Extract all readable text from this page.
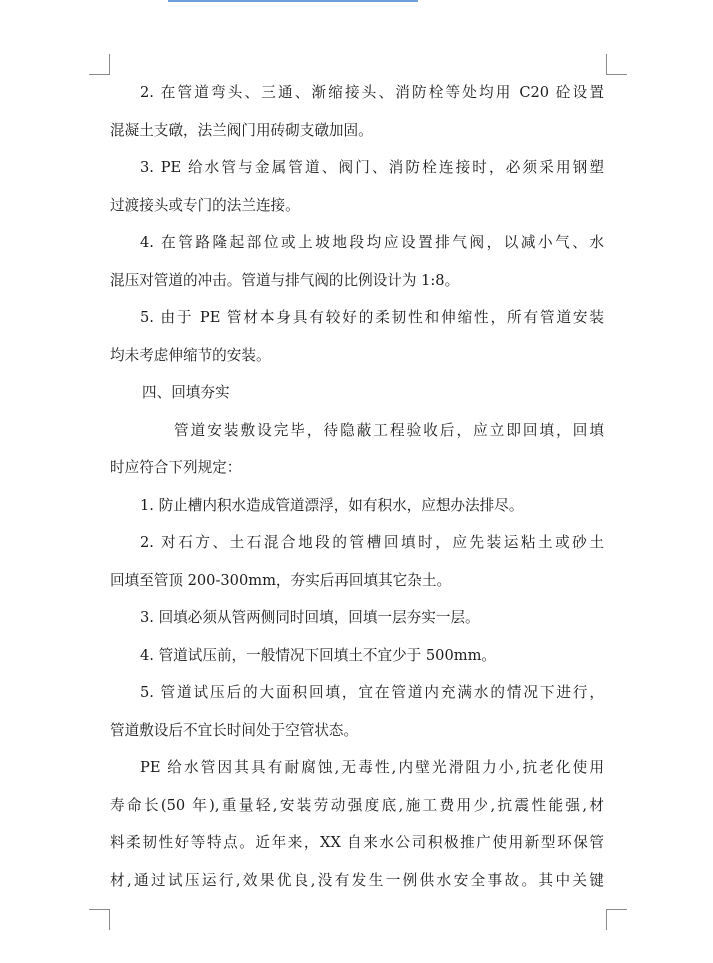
2. 在管道弯头、三通、渐缩接头、消防栓等处均用 C20 砼设置
混凝土支礅，法兰阀门用砖砌支礅加固。
3. PE 给水管与金属管道、阀门、消防栓连接时，必须采用钢塑
过渡接头或专门的法兰连接。
4. 在管路隆起部位或上坡地段均应设置排气阀，以减小气、水
混压对管道的冲击。管道与排气阀的比例设计为 1:8。
5. 由于 PE 管材本身具有较好的柔韧性和伸缩性，所有管道安装
均未考虑伸缩节的安装。
四、回填夯实
管道安装敷设完毕，待隐蔽工程验收后，应立即回填，回填
时应符合下列规定：
1. 防止槽内积水造成管道漂浮，如有积水，应想办法排尽。
2. 对石方、土石混合地段的管槽回填时，应先装运粘土或砂土
回填至管顶 200-300mm，夯实后再回填其它杂土。
3. 回填必须从管两侧同时回填，回填一层夯实一层。
4. 管道试压前，一般情况下回填土不宜少于 500mm。
5. 管道试压后的大面积回填，宜在管道内充满水的情况下进行，
管道敷设后不宜长时间处于空管状态。
PE 给水管因其具有耐腐蚀,无毒性,内壁光滑阻力小,抗老化使用
寿命长(50 年),重量轻,安装劳动强度底,施工费用少,抗震性能强,材
料柔韧性好等特点。近年来，XX 自来水公司积极推广使用新型环保管
材,通过试压运行,效果优良,没有发生一例供水安全事故。其中关键
